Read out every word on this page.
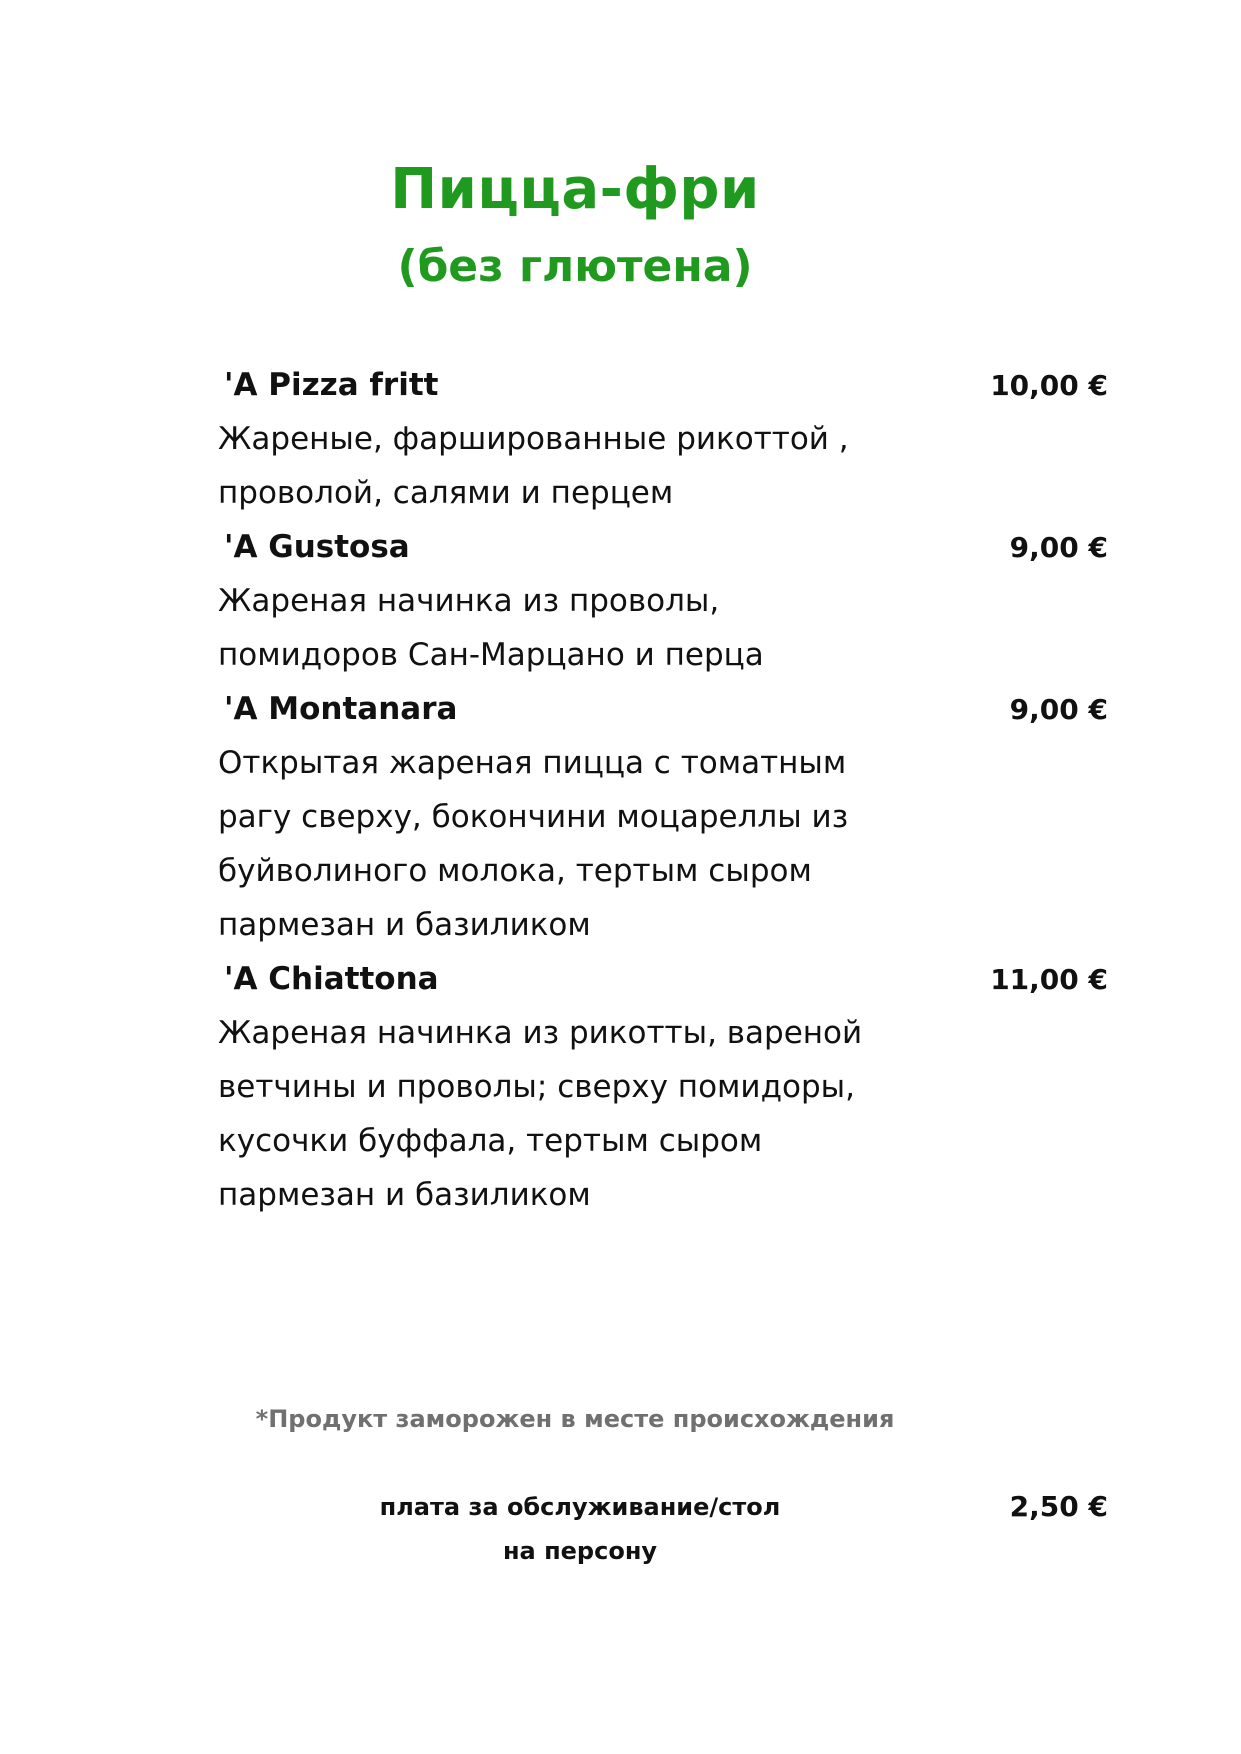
Пицца-фри
(без глютена)
'A Pizza fritt	10,00 €
Жареные, фаршированные рикоттой ,
проволой, салями и перцем
'A Gustosa	9,00 €
Жареная начинка из проволы,
помидоров Сан-Марцано и перца
'A Montanara	9,00 €
Открытая жареная пицца с томатным
рагу сверху, бокончини моцареллы из
буйволиного молока, тертым сыром
пармезан и базиликом
'A Chiattona	11,00 €
Жареная начинка из рикотты, вареной
ветчины и проволы; сверху помидоры,
кусочки буффала, тертым сыром
пармезан и базиликом
*Продукт заморожен в месте происхождения
плата за обслуживание/стол
на персону
2,50 €
